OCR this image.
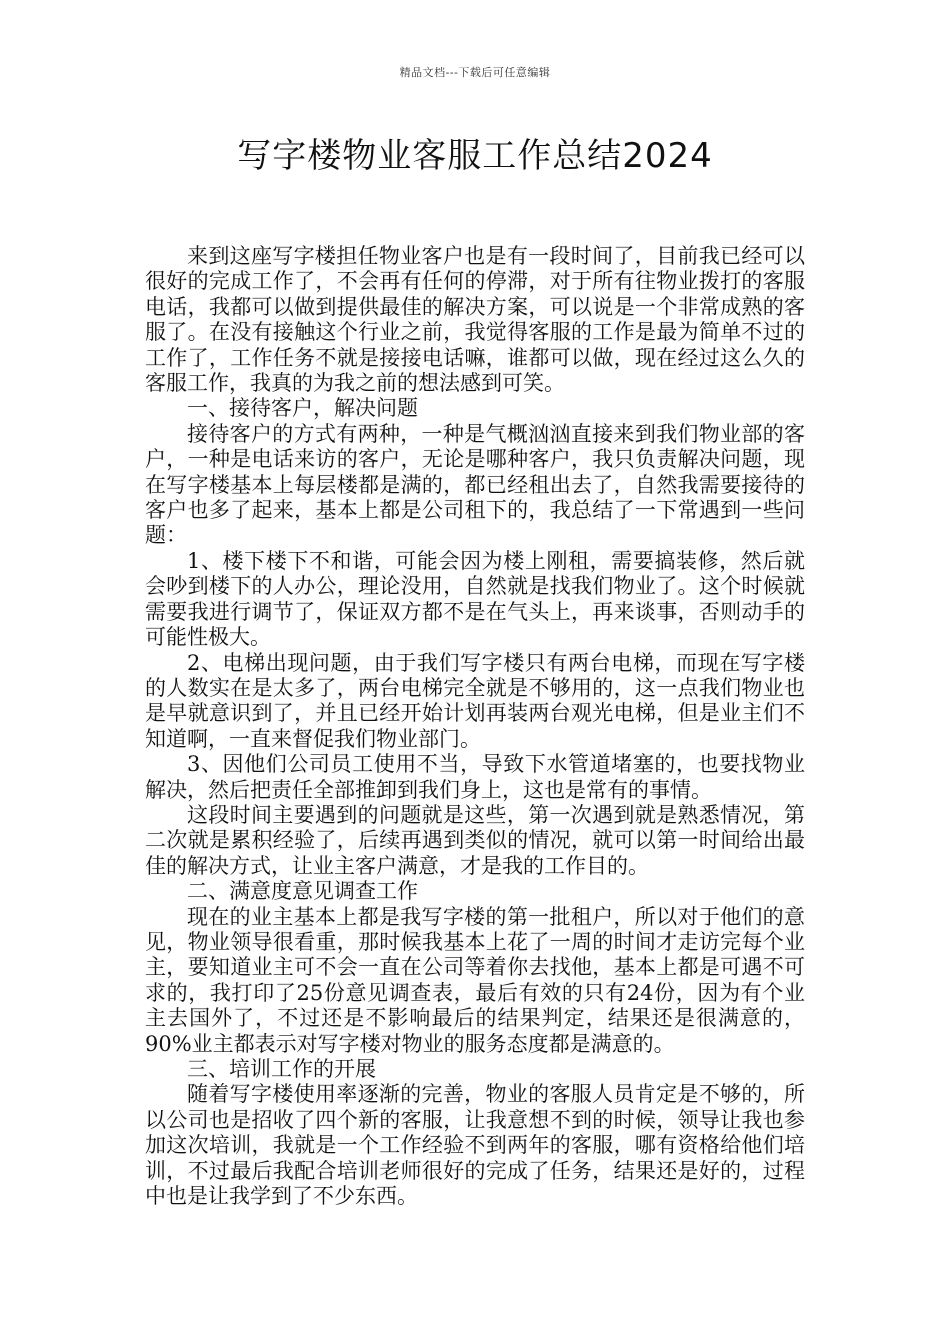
精品文档---下载后可任意编辑
写字楼物业客服工作总结2024

来到这座写字楼担任物业客户也是有一段时间了，目前我已经可以很好的完成工作了，不会再有任何的停滞，对于所有往物业拨打的客服电话，我都可以做到提供最佳的解决方案，可以说是一个非常成熟的客服了。在没有接触这个行业之前，我觉得客服的工作是最为简单不过的工作了，工作任务不就是接接电话嘛，谁都可以做，现在经过这么久的客服工作，我真的为我之前的想法感到可笑。

一、接待客户，解决问题

接待客户的方式有两种，一种是气概汹汹直接来到我们物业部的客户，一种是电话来访的客户，无论是哪种客户，我只负责解决问题，现在写字楼基本上每层楼都是满的，都已经租出去了，自然我需要接待的客户也多了起来，基本上都是公司租下的，我总结了一下常遇到一些问题：

1、楼下楼下不和谐，可能会因为楼上刚租，需要搞装修，然后就会吵到楼下的人办公，理论没用，自然就是找我们物业了。这个时候就需要我进行调节了，保证双方都不是在气头上，再来谈事，否则动手的可能性极大。

2、电梯出现问题，由于我们写字楼只有两台电梯，而现在写字楼的人数实在是太多了，两台电梯完全就是不够用的，这一点我们物业也是早就意识到了，并且已经开始计划再装两台观光电梯，但是业主们不知道啊，一直来督促我们物业部门。

3、因他们公司员工使用不当，导致下水管道堵塞的，也要找物业解决，然后把责任全部推卸到我们身上，这也是常有的事情。

这段时间主要遇到的问题就是这些，第一次遇到就是熟悉情况，第二次就是累积经验了，后续再遇到类似的情况，就可以第一时间给出最佳的解决方式，让业主客户满意，才是我的工作目的。

二、满意度意见调查工作

现在的业主基本上都是我写字楼的第一批租户，所以对于他们的意见，物业领导很看重，那时候我基本上花了一周的时间才走访完每个业主，要知道业主可不会一直在公司等着你去找他，基本上都是可遇不可求的，我打印了25份意见调查表，最后有效的只有24份，因为有个业主去国外了，不过还是不影响最后的结果判定，结果还是很满意的，90%业主都表示对写字楼对物业的服务态度都是满意的。

三、培训工作的开展

随着写字楼使用率逐渐的完善，物业的客服人员肯定是不够的，所以公司也是招收了四个新的客服，让我意想不到的时候，领导让我也参加这次培训，我就是一个工作经验不到两年的客服，哪有资格给他们培训，不过最后我配合培训老师很好的完成了任务，结果还是好的，过程中也是让我学到了不少东西。
